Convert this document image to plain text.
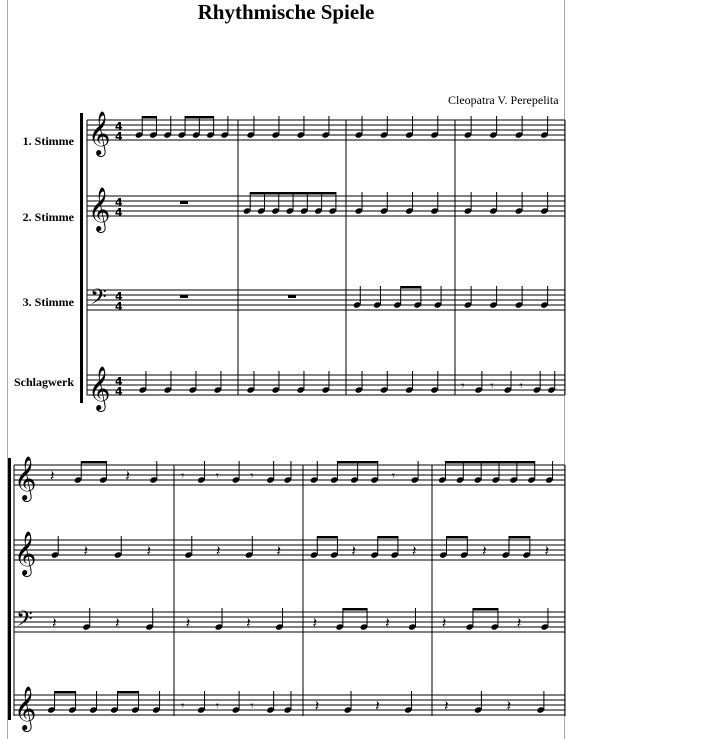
Rhythmische Spiele
Cleopatra V. Perepelita
1. Stimme
2. Stimme
3. Stimme
Schlagwerk
𝄞
𝄞
𝄢
𝄞
4
4
4
4
4
4
4
4	𝄾 𝄾 𝄾
𝄞
𝄞
𝄢
𝄞
𝄽	𝄽	𝄾 𝄾 𝄾	𝄾
𝄽	𝄽	𝄽	𝄽	𝄽	𝄽	𝄽	𝄽
𝄽	𝄽	𝄽	𝄽	𝄽	𝄽	𝄽	𝄽
𝄾 𝄾 𝄾	𝄽	𝄽	𝄽	𝄽
